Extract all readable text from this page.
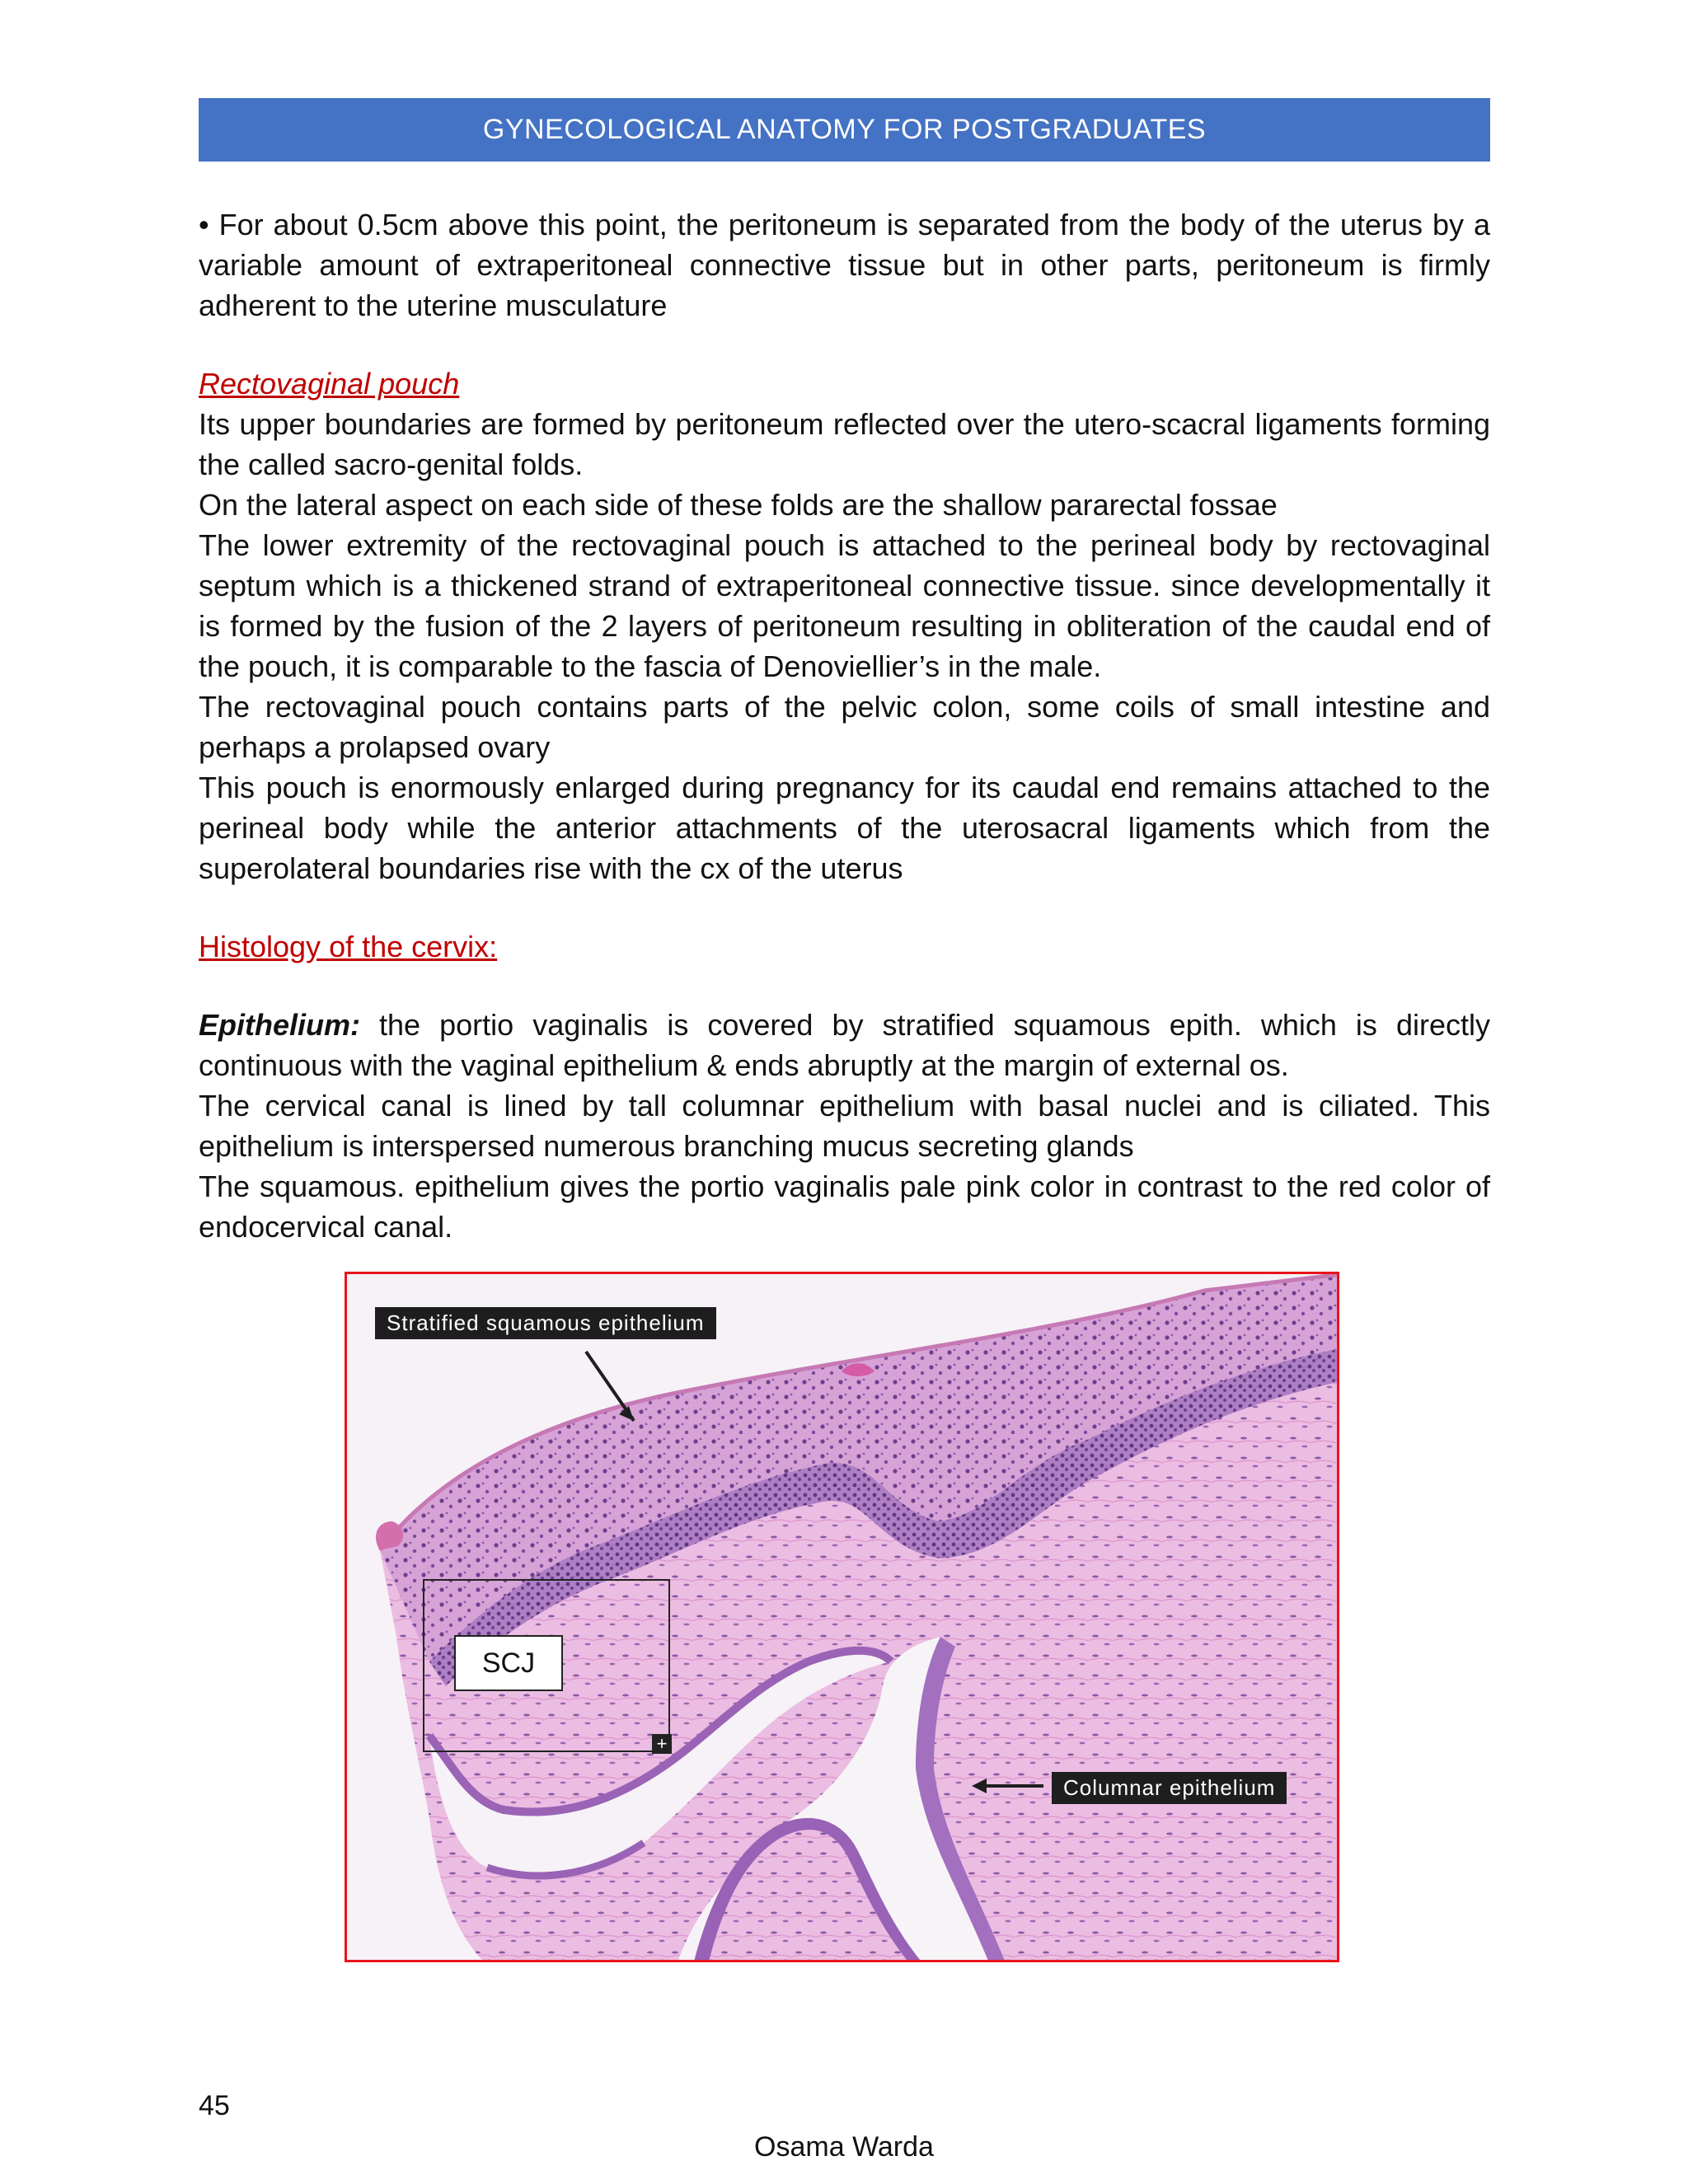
GYNECOLOGICAL ANATOMY FOR POSTGRADUATES

• For about 0.5cm above this point, the peritoneum is separated from the body of the uterus by a variable amount of extraperitoneal connective tissue but in other parts, peritoneum is firmly adherent to the uterine musculature

Rectovaginal pouch

Its upper boundaries are formed by peritoneum reflected over the utero-scacral ligaments forming the called sacro-genital folds.

On the lateral aspect on each side of these folds are the shallow pararectal fossae

The lower extremity of the rectovaginal pouch is attached to the perineal body by rectovaginal septum which is a thickened strand of extraperitoneal connective tissue. since developmentally it is formed by the fusion of the 2 layers of peritoneum resulting in obliteration of the caudal end of the pouch, it is comparable to the fascia of Denoviellier’s in the male.

The rectovaginal pouch contains parts of the pelvic colon, some coils of small intestine and perhaps a prolapsed ovary

This pouch is enormously enlarged during pregnancy for its caudal end remains attached to the perineal body while the anterior attachments of the uterosacral ligaments which from the superolateral boundaries rise with the cx of the uterus

Histology of the cervix:

Epithelium: the portio vaginalis is covered by stratified squamous epith. which is directly continuous with the vaginal epithelium & ends abruptly at the margin of external os.

The cervical canal is lined by tall columnar epithelium with basal nuclei and is ciliated. This epithelium is interspersed numerous branching mucus secreting glands

The squamous. epithelium gives the portio vaginalis pale pink color in contrast to the red color of endocervical canal.

Stratified squamous epithelium
Columnar epithelium
SCJ
+
45
Osama Warda
